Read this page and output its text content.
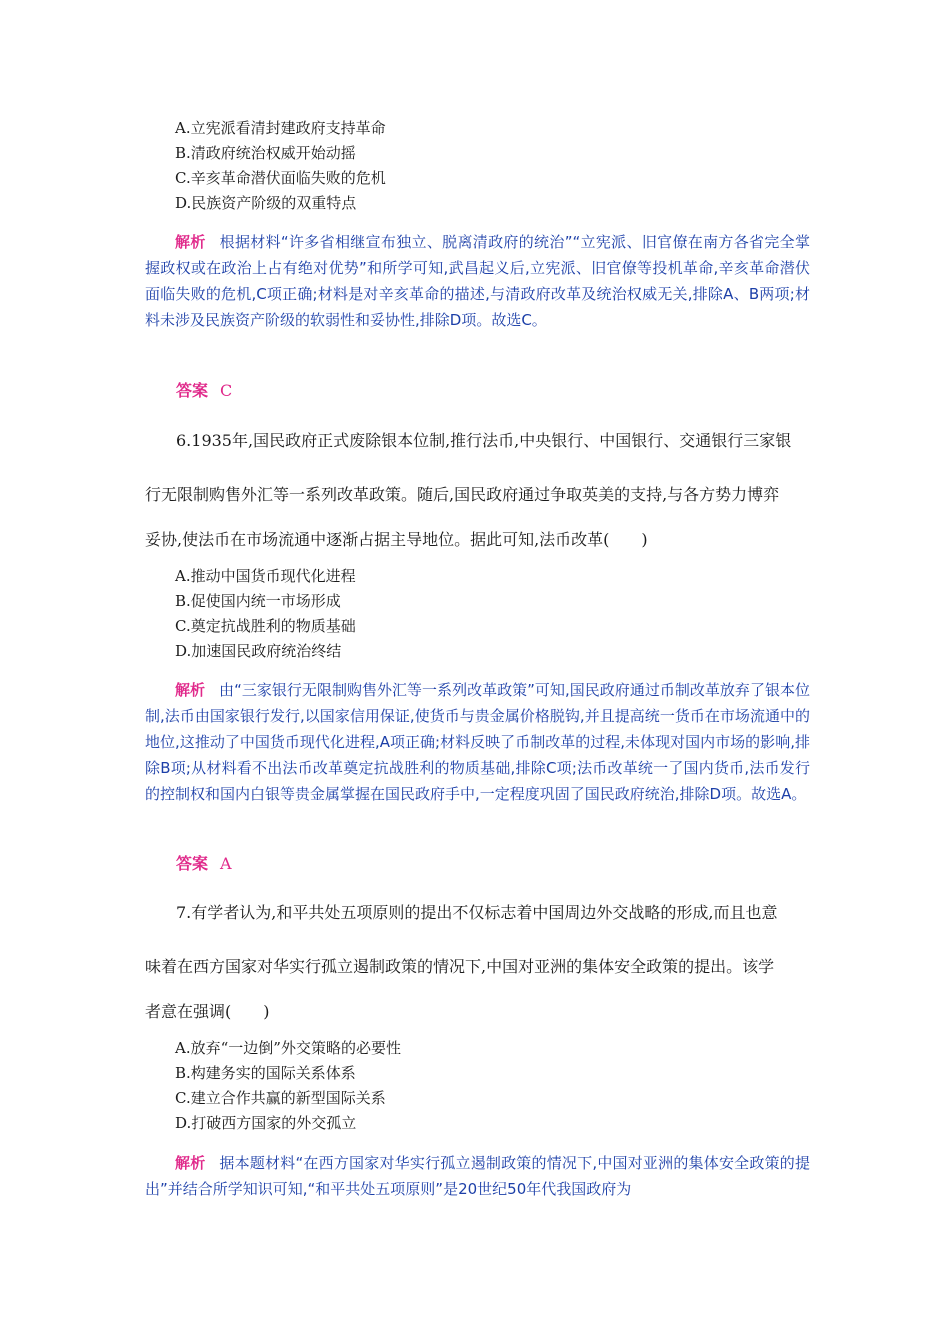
A.立宪派看清封建政府支持革命
B.清政府统治权威开始动摇
C.辛亥革命潜伏面临失败的危机
D.民族资产阶级的双重特点
解析 根据材料“许多省相继宣布独立、脱离清政府的统治”“立宪派、旧官僚在南方各省完全掌握政权或在政治上占有绝对优势”和所学可知,武昌起义后,立宪派、旧官僚等投机革命,辛亥革命潜伏面临失败的危机,C项正确;材料是对辛亥革命的描述,与清政府改革及统治权威无关,排除A、B两项;材料未涉及民族资产阶级的软弱性和妥协性,排除D项。故选C。
答案 C
6.1935年,国民政府正式废除银本位制,推行法币,中央银行、中国银行、交通银行三家银
行无限制购售外汇等一系列改革政策。随后,国民政府通过争取英美的支持,与各方势力博弈
妥协,使法币在市场流通中逐渐占据主导地位。据此可知,法币改革(　　)
A.推动中国货币现代化进程
B.促使国内统一市场形成
C.奠定抗战胜利的物质基础
D.加速国民政府统治终结
解析 由“三家银行无限制购售外汇等一系列改革政策”可知,国民政府通过币制改革放弃了银本位制,法币由国家银行发行,以国家信用保证,使货币与贵金属价格脱钩,并且提高统一货币在市场流通中的地位,这推动了中国货币现代化进程,A项正确;材料反映了币制改革的过程,未体现对国内市场的影响,排除B项;从材料看不出法币改革奠定抗战胜利的物质基础,排除C项;法币改革统一了国内货币,法币发行的控制权和国内白银等贵金属掌握在国民政府手中,一定程度巩固了国民政府统治,排除D项。故选A。
答案 A
7.有学者认为,和平共处五项原则的提出不仅标志着中国周边外交战略的形成,而且也意
味着在西方国家对华实行孤立遏制政策的情况下,中国对亚洲的集体安全政策的提出。该学
者意在强调(　　)
A.放弃“一边倒”外交策略的必要性
B.构建务实的国际关系体系
C.建立合作共赢的新型国际关系
D.打破西方国家的外交孤立
解析 据本题材料“在西方国家对华实行孤立遏制政策的情况下,中国对亚洲的集体安全政策的提出”并结合所学知识可知,“和平共处五项原则”是20世纪50年代我国政府为
